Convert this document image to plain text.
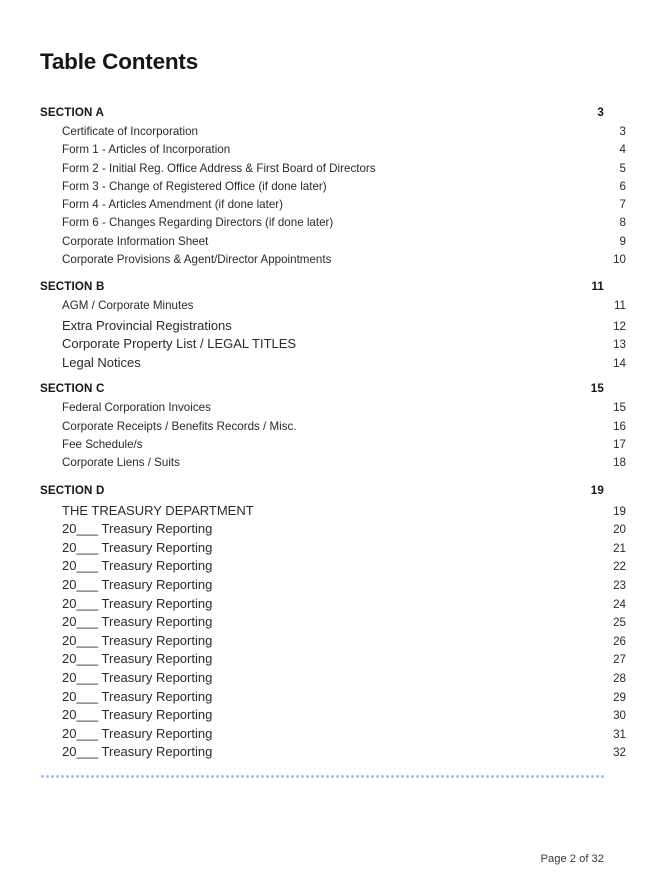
Table Contents
SECTION A	3
Certificate of Incorporation	3
Form 1 - Articles of Incorporation	4
Form 2 - Initial Reg. Office Address & First Board of Directors	5
Form 3 - Change of Registered Office (if done later)	6
Form 4 - Articles Amendment (if done later)	7
Form 6 - Changes Regarding Directors (if done later)	8
Corporate Information Sheet	9
Corporate Provisions & Agent/Director Appointments	10
SECTION B	11
AGM / Corporate Minutes	11
Extra Provincial Registrations	12
Corporate Property List / LEGAL TITLES	13
Legal Notices	14
SECTION C	15
Federal Corporation Invoices	15
Corporate Receipts / Benefits Records / Misc.	16
Fee Schedule/s	17
Corporate Liens / Suits	18
SECTION D	19
THE TREASURY DEPARTMENT	19
20___ Treasury Reporting	20
20___ Treasury Reporting	21
20___ Treasury Reporting	22
20___ Treasury Reporting	23
20___ Treasury Reporting	24
20___ Treasury Reporting	25
20___ Treasury Reporting	26
20___ Treasury Reporting	27
20___ Treasury Reporting	28
20___ Treasury Reporting	29
20___ Treasury Reporting	30
20___ Treasury Reporting	31
20___ Treasury Reporting	32
Page 2 of 32
